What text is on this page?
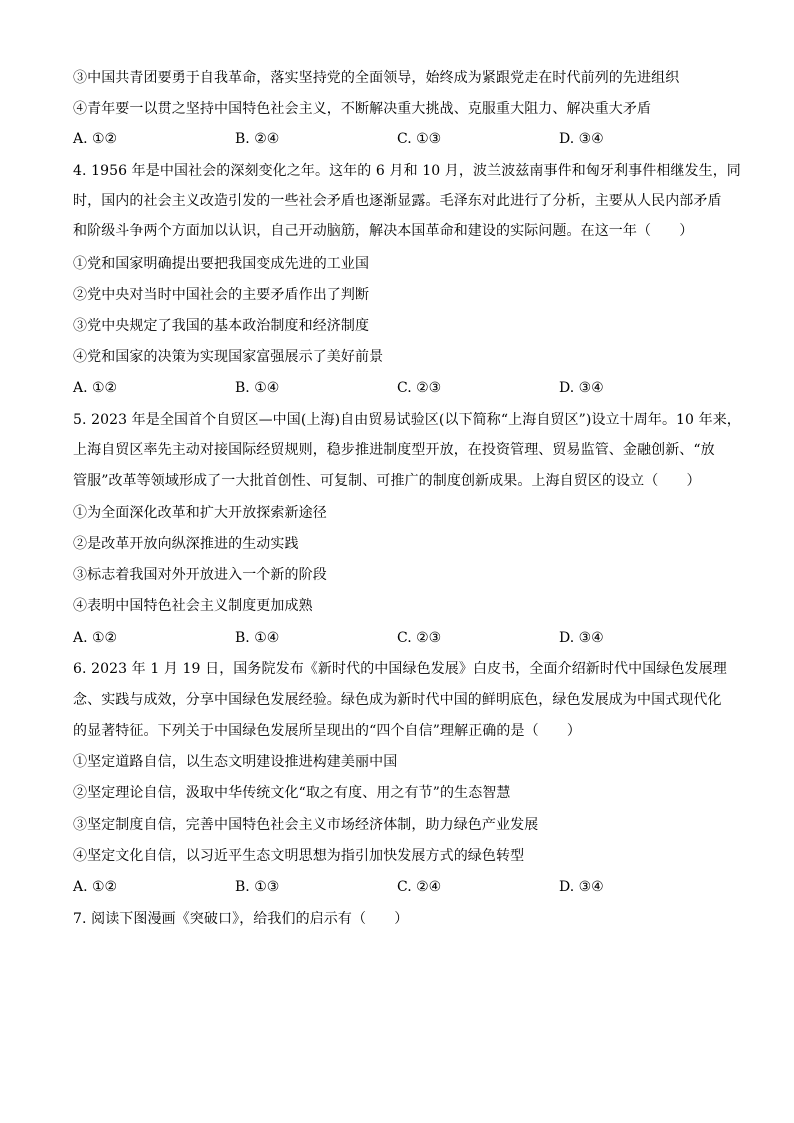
③中国共青团要勇于自我革命，落实坚持党的全面领导，始终成为紧跟党走在时代前列的先进组织
④青年要一以贯之坚持中国特色社会主义，不断解决重大挑战、克服重大阻力、解决重大矛盾
A. ①②	B. ②④	C. ①③	D. ③④
4. 1956 年是中国社会的深刻变化之年。这年的 6 月和 10 月，波兰波兹南事件和匈牙利事件相继发生，同
时，国内的社会主义改造引发的一些社会矛盾也逐渐显露。毛泽东对此进行了分析，主要从人民内部矛盾
和阶级斗争两个方面加以认识，自己开动脑筋，解决本国革命和建设的实际问题。在这一年（　　）
①党和国家明确提出要把我国变成先进的工业国
②党中央对当时中国社会的主要矛盾作出了判断
③党中央规定了我国的基本政治制度和经济制度
④党和国家的决策为实现国家富强展示了美好前景
A. ①②	B. ①④	C. ②③	D. ③④
5. 2023 年是全国首个自贸区—中国(上海)自由贸易试验区(以下简称“上海自贸区”)设立十周年。10 年来，
上海自贸区率先主动对接国际经贸规则，稳步推进制度型开放，在投资管理、贸易监管、金融创新、“放
管服”改革等领域形成了一大批首创性、可复制、可推广的制度创新成果。上海自贸区的设立（　　）
①为全面深化改革和扩大开放探索新途径
②是改革开放向纵深推进的生动实践
③标志着我国对外开放进入一个新的阶段
④表明中国特色社会主义制度更加成熟
A. ①②	B. ①④	C. ②③	D. ③④
6. 2023 年 1 月 19 日，国务院发布《新时代的中国绿色发展》白皮书，全面介绍新时代中国绿色发展理
念、实践与成效，分享中国绿色发展经验。绿色成为新时代中国的鲜明底色，绿色发展成为中国式现代化
的显著特征。下列关于中国绿色发展所呈现出的“四个自信”理解正确的是（　　）
①坚定道路自信，以生态文明建设推进构建美丽中国
②坚定理论自信，汲取中华传统文化“取之有度、用之有节”的生态智慧
③坚定制度自信，完善中国特色社会主义市场经济体制，助力绿色产业发展
④坚定文化自信，以习近平生态文明思想为指引加快发展方式的绿色转型
A. ①②	B. ①③	C. ②④	D. ③④
7. 阅读下图漫画《突破口》，给我们的启示有（　　）
